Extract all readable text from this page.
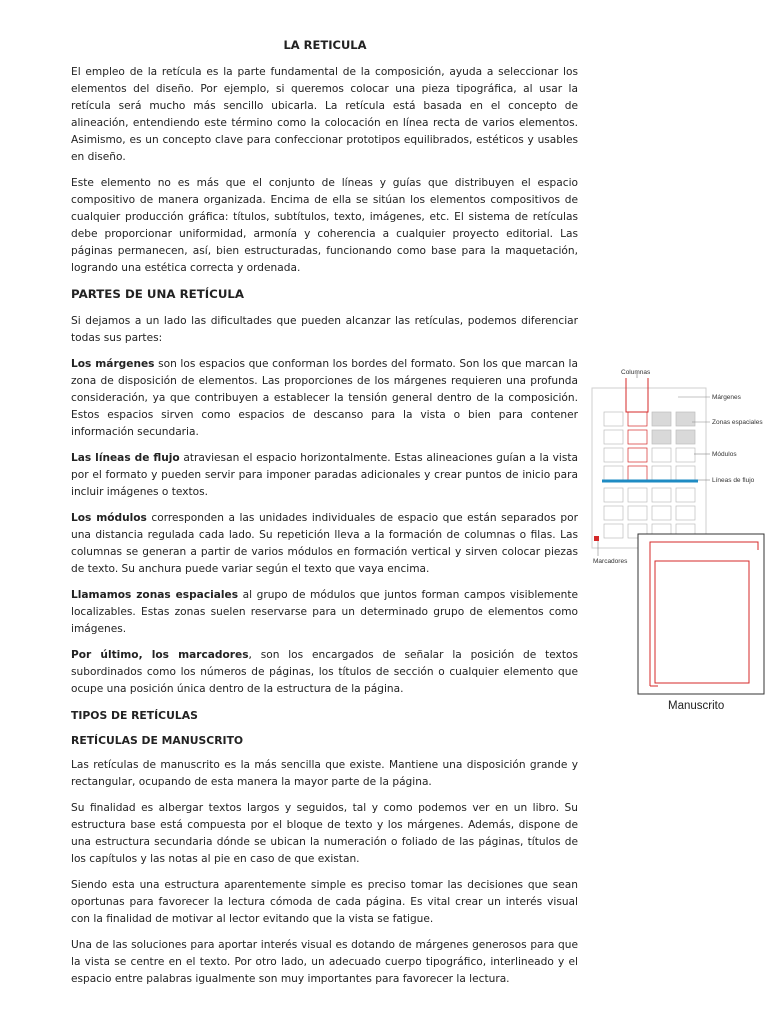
LA RETICULA

El empleo de la retícula es la parte fundamental de la composición, ayuda a seleccionar los elementos del diseño. Por ejemplo, si queremos colocar una pieza tipográfica, al usar la retícula será mucho más sencillo ubicarla. La retícula está basada en el concepto de alineación, entendiendo este término como la colocación en línea recta de varios elementos. Asimismo, es un concepto clave para confeccionar prototipos equilibrados, estéticos y usables en diseño.

Este elemento no es más que el conjunto de líneas y guías que distribuyen el espacio compositivo de manera organizada. Encima de ella se sitúan los elementos compositivos de cualquier producción gráfica: títulos, subtítulos, texto, imágenes, etc. El sistema de retículas debe proporcionar uniformidad, armonía y coherencia a cualquier proyecto editorial. Las páginas permanecen, así, bien estructuradas, funcionando como base para la maquetación, logrando una estética correcta y ordenada.

PARTES DE UNA RETÍCULA

Si dejamos a un lado las dificultades que pueden alcanzar las retículas, podemos diferenciar todas sus partes:

Los márgenes son los espacios que conforman los bordes del formato. Son los que marcan la zona de disposición de elementos. Las proporciones de los márgenes requieren una profunda consideración, ya que contribuyen a establecer la tensión general dentro de la composición. Estos espacios sirven como espacios de descanso para la vista o bien para contener información secundaria.

Las líneas de flujo atraviesan el espacio horizontalmente. Estas alineaciones guían a la vista por el formato y pueden servir para imponer paradas adicionales y crear puntos de inicio para incluir imágenes o textos.

Los módulos corresponden a las unidades individuales de espacio que están separados por una distancia regulada cada lado. Su repetición lleva a la formación de columnas o filas. Las columnas se generan a partir de varios módulos en formación vertical y sirven colocar piezas de texto. Su anchura puede variar según el texto que vaya encima.

Llamamos zonas espaciales al grupo de módulos que juntos forman campos visiblemente localizables. Estas zonas suelen reservarse para un determinado grupo de elementos como imágenes.

Por último, los marcadores, son los encargados de señalar la posición de textos subordinados como los números de páginas, los títulos de sección o cualquier elemento que ocupe una posición única dentro de la estructura de la página.

TIPOS DE RETÍCULAS
RETÍCULAS DE MANUSCRITO

Las retículas de manuscrito es la más sencilla que existe. Mantiene una disposición grande y rectangular, ocupando de esta manera la mayor parte de la página.

Su finalidad es albergar textos largos y seguidos, tal y como podemos ver en un libro. Su estructura base está compuesta por el bloque de texto y los márgenes. Además, dispone de una estructura secundaria dónde se ubican la numeración o foliado de las páginas, títulos de los capítulos y las notas al pie en caso de que existan.

Siendo esta una estructura aparentemente simple es preciso tomar las decisiones que sean oportunas para favorecer la lectura cómoda de cada página. Es vital crear un interés visual con la finalidad de motivar al lector evitando que la vista se fatigue.

Una de las soluciones para aportar interés visual es dotando de márgenes generosos para que la vista se centre en el texto. Por otro lado, un adecuado cuerpo tipográfico, interlineado y el espacio entre palabras igualmente son muy importantes para favorecer la lectura.

Columnas
Márgenes
Zonas espaciales
Módulos
Líneas de flujo
Marcadores
Manuscrito
